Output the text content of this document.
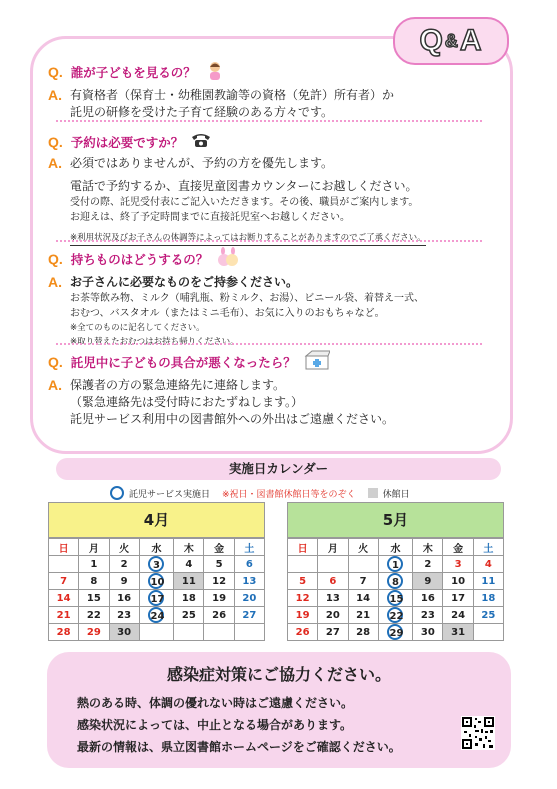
Q & A
Q. 誰が子どもを見るの？
A. 有資格者（保育士・幼稚園教諭等の資格（免許）所有者）か
託児の研修を受けた子育て経験のある方々です。
Q. 予約は必要ですか？
A. 必須ではありませんが、予約の方を優先します。
電話で予約するか、直接児童図書カウンターにお越しください。
受付の際、託児受付表にご記入いただきます。その後、職員がご案内します。
お迎えは、終了予定時間までに直接託児室へお越しください。
※利用状況及びお子さんの体調等によってはお断りすることがありますのでご了承ください。
Q. 持ちものはどうするの？
A. お子さんに必要なものをご持参ください。
お茶等飲み物、ミルク（哺乳瓶、粉ミルク、お湯）、ビニール袋、着替え一式、
おむつ、バスタオル（またはミニ毛布）、お気に入りのおもちゃなど。
※全てのものに記名してください。
※取り替えたおむつはお持ち帰りください。
Q. 託児中に子どもの具合が悪くなったら？
A. 保護者の方の緊急連絡先に連絡します。
（緊急連絡先は受付時におたずねします。）
託児サービス利用中の図書館外への外出はご遠慮ください。
実施日カレンダー
託児サービス実施日 ※祝日・図書館休館日等をのぞく	休館日
4月
日	月	火	水	木	金	土
	1	2	3	4	5	6
7	8	9	10	11	12	13
14	15	16	17	18	19	20
21	22	23	24	25	26	27
28	29	30				
5月
日	月	火	水	木	金	土
			1	2	3	4
5	6	7	8	9	10	11
12	13	14	15	16	17	18
19	20	21	22	23	24	25
26	27	28	29	30	31	
感染症対策にご協力ください。
熱のある時、体調の優れない時はご遠慮ください。
感染状況によっては、中止となる場合があります。
最新の情報は、県立図書館ホームページをご確認ください。
